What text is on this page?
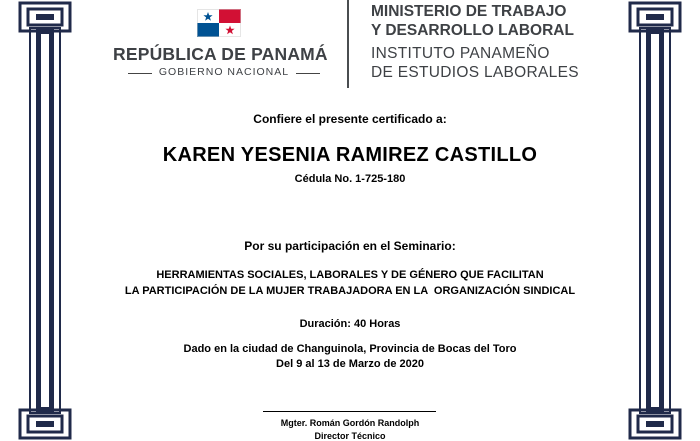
REPÚBLICA DE PANAMÁ
GOBIERNO NACIONAL
MINISTERIO DE TRABAJO
Y DESARROLLO LABORAL
INSTITUTO PANAMEÑO
DE ESTUDIOS LABORALES
Confiere el presente certificado a:
KAREN YESENIA RAMIREZ CASTILLO
Cédula No. 1-725-180
Por su participación en el Seminario:
HERRAMIENTAS SOCIALES, LABORALES Y DE GÉNERO QUE FACILITAN
LA PARTICIPACIÓN DE LA MUJER TRABAJADORA EN LA  ORGANIZACIÓN SINDICAL
Duración: 40 Horas
Dado en la ciudad de Changuinola, Provincia de Bocas del Toro
Del 9 al 13 de Marzo de 2020
Mgter. Román Gordón Randolph
Director Técnico
